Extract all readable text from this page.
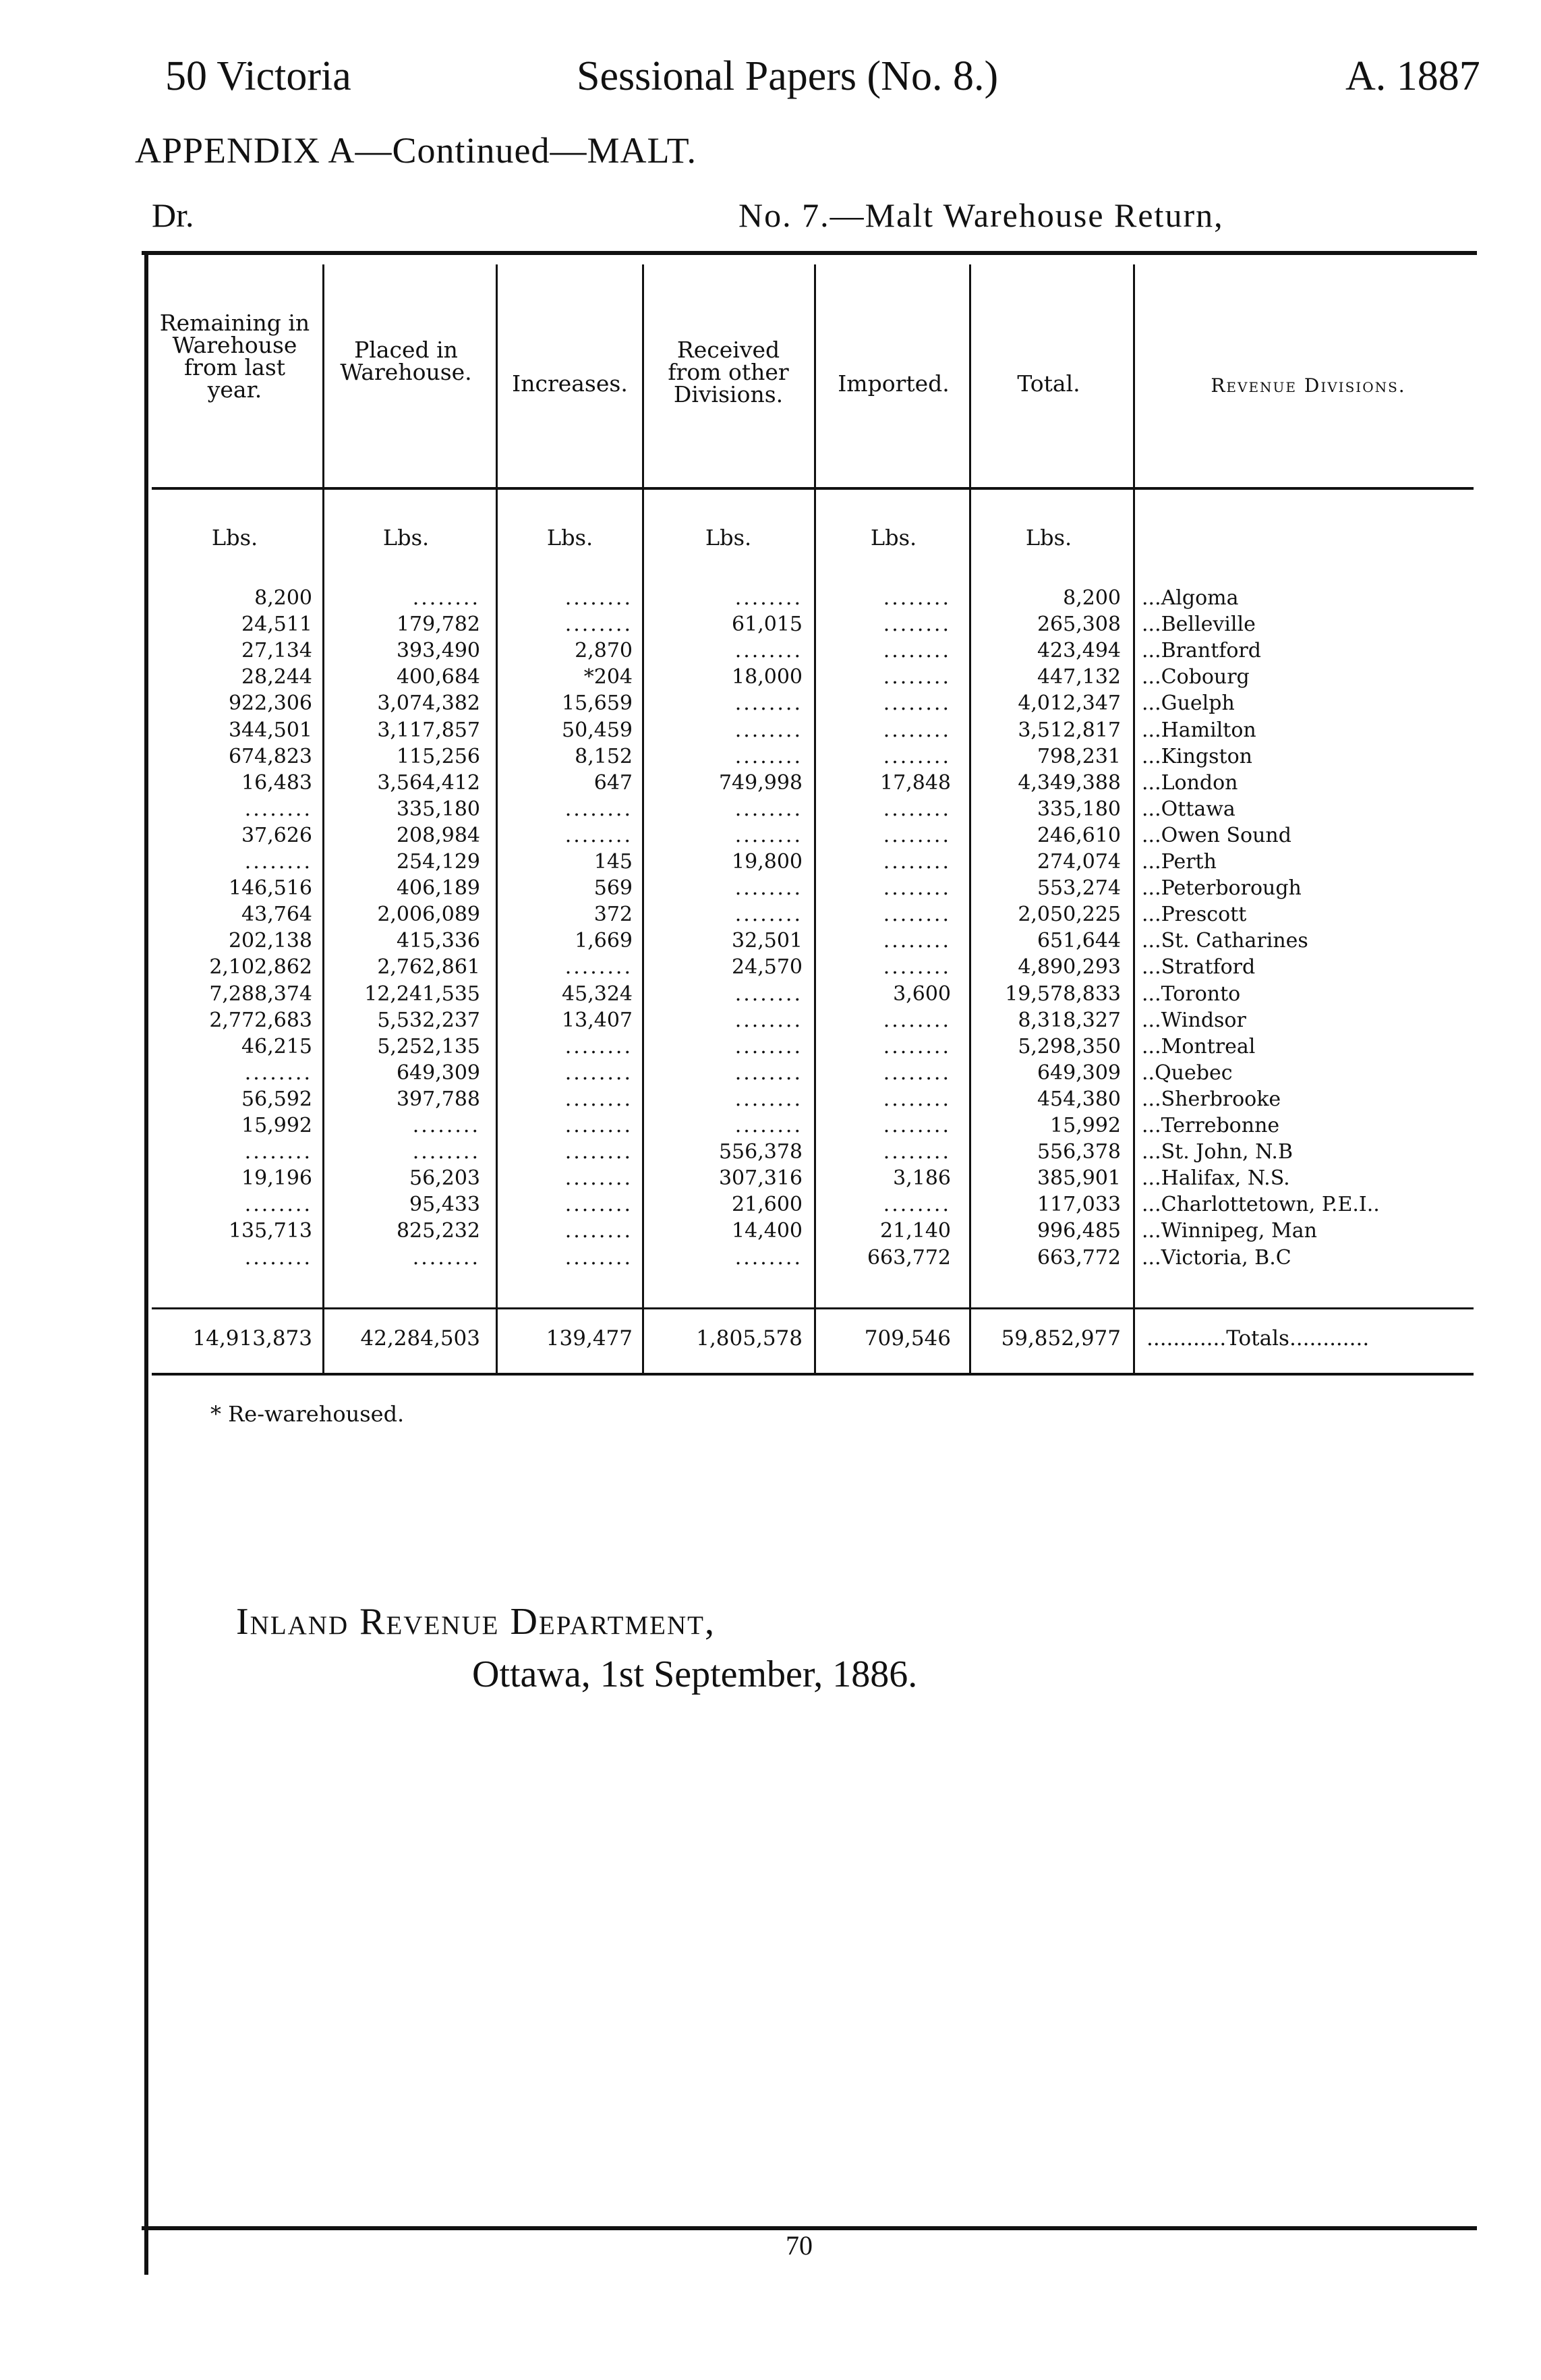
50 Victoria	Sessional Papers (No. 8.)	A. 1887
APPENDIX A—Continued—MALT.
Dr.	No. 7.—Malt Warehouse Return,
Remaining in Warehouse from last year.
Placed in Warehouse.	Increases.
Received from other Divisions.	Imported.	Total.	Revenue Divisions.
Lbs.	Lbs.	Lbs.	Lbs.	Lbs.	Lbs.
8,200	........	........	........	........	8,200 ...Algoma
24,511	179,782	........	61,015	........	265,308 ...Belleville
27,134	393,490	2,870	........	........	423,494 ...Brantford
28,244	400,684	*204	18,000	........	447,132 ...Cobourg
922,306	3,074,382	15,659	........	........	4,012,347 ...Guelph
344,501	3,117,857	50,459	........	........	3,512,817 ...Hamilton
674,823	115,256	8,152	........	........	798,231 ...Kingston
16,483	3,564,412	647	749,998	17,848	4,349,388 ...London
........	335,180	........	........	........	335,180 ...Ottawa
37,626	208,984	........	........	........	246,610 ...Owen Sound
........	254,129	145	19,800	........	274,074 ...Perth
146,516	406,189	569	........	........	553,274 ...Peterborough
43,764	2,006,089	372	........	........	2,050,225 ...Prescott
202,138	415,336	1,669	32,501	........	651,644 ...St. Catharines
2,102,862	2,762,861	........	24,570	........	4,890,293 ...Stratford
7,288,374	12,241,535	45,324	........	3,600	19,578,833 ...Toronto
2,772,683	5,532,237	13,407	........	........	8,318,327 ...Windsor
46,215	5,252,135	........	........	........	5,298,350 ...Montreal
........	649,309	........	........	........	649,309 ..Quebec
56,592	397,788	........	........	........	454,380 ...Sherbrooke
15,992	........	........	........	........	15,992 ...Terrebonne
........	........	........	556,378	........	556,378 ...St. John, N.B
19,196	56,203	........	307,316	3,186	385,901 ...Halifax, N.S.
........	95,433	........	21,600	........	117,033 ...Charlottetown, P.E.I..
135,713	825,232	........	14,400	21,140	996,485 ...Winnipeg, Man
........	........	........	........	663,772	663,772 ...Victoria, B.C
14,913,873	42,284,503	139,477	1,805,578	709,546	59,852,977 ............Totals............
* Re-warehoused.
Inland Revenue Department,
Ottawa, 1st September, 1886.
70
